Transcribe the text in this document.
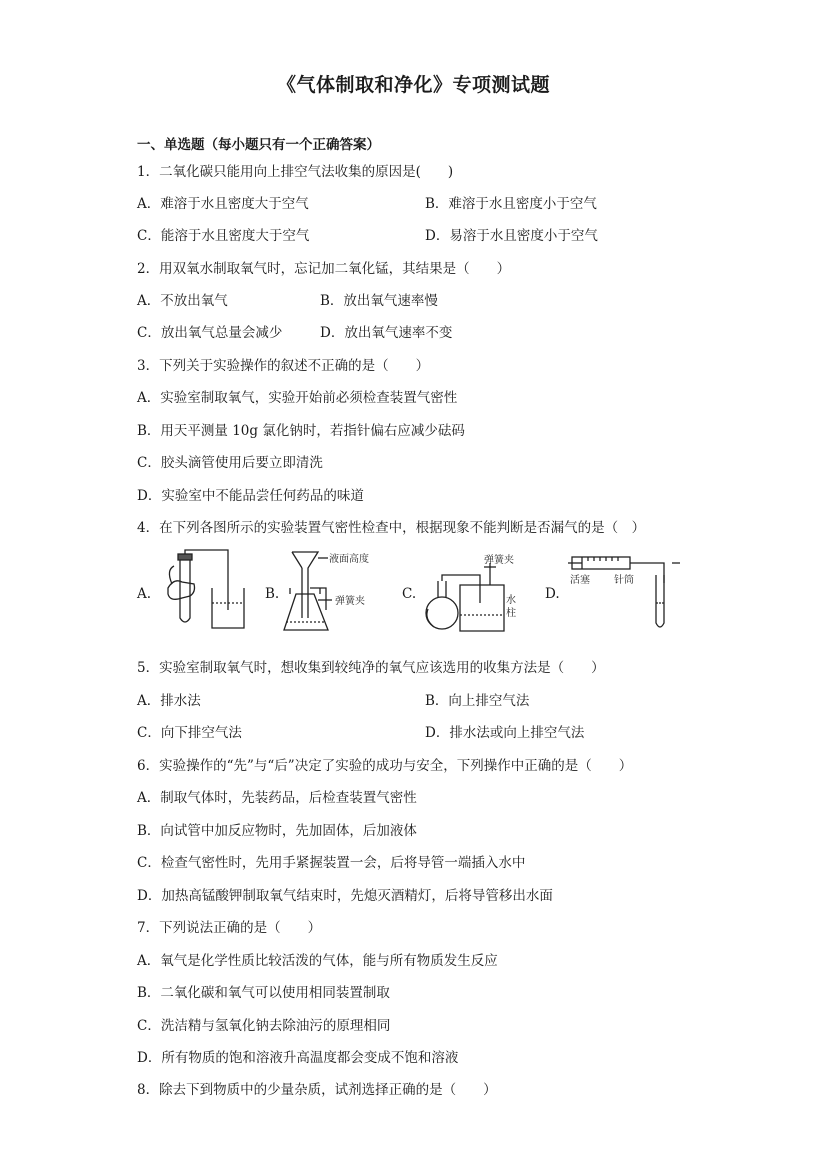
《气体制取和净化》专项测试题
一、单选题（每小题只有一个正确答案）
1．二氧化碳只能用向上排空气法收集的原因是(　　)
A．难溶于水且密度大于空气	B．难溶于水且密度小于空气
C．能溶于水且密度大于空气	D．易溶于水且密度小于空气
2．用双氧水制取氧气时，忘记加二氧化锰，其结果是（　　）
A．不放出氧气	B．放出氧气速率慢
C．放出氧气总量会减少	D．放出氧气速率不变
3．下列关于实验操作的叙述不正确的是（　　）
A．实验室制取氧气，实验开始前必须检查装置气密性
B．用天平测量 10g 氯化钠时，若指针偏右应减少砝码
C．胶头滴管使用后要立即清洗
D．实验室中不能品尝任何药品的味道
4．在下列各图所示的实验装置气密性检查中，根据现象不能判断是否漏气的是（　）
A.	B.	C.	D.
液面高度
弹簧夹
弹簧夹
水
柱
活塞 针筒
5．实验室制取氧气时，想收集到较纯净的氧气应该选用的收集方法是（　　）
A．排水法	B．向上排空气法
C．向下排空气法	D．排水法或向上排空气法
6．实验操作的“先”与“后”决定了实验的成功与安全，下列操作中正确的是（　　）
A．制取气体时，先装药品，后检查装置气密性
B．向试管中加反应物时，先加固体，后加液体
C．检查气密性时，先用手紧握装置一会，后将导管一端插入水中
D．加热高锰酸钾制取氧气结束时，先熄灭酒精灯，后将导管移出水面
7．下列说法正确的是（　　）
A．氧气是化学性质比较活泼的气体，能与所有物质发生反应
B．二氧化碳和氧气可以使用相同装置制取
C．洗洁精与氢氧化钠去除油污的原理相同
D．所有物质的饱和溶液升高温度都会变成不饱和溶液
8．除去下到物质中的少量杂质，试剂选择正确的是（　　）
